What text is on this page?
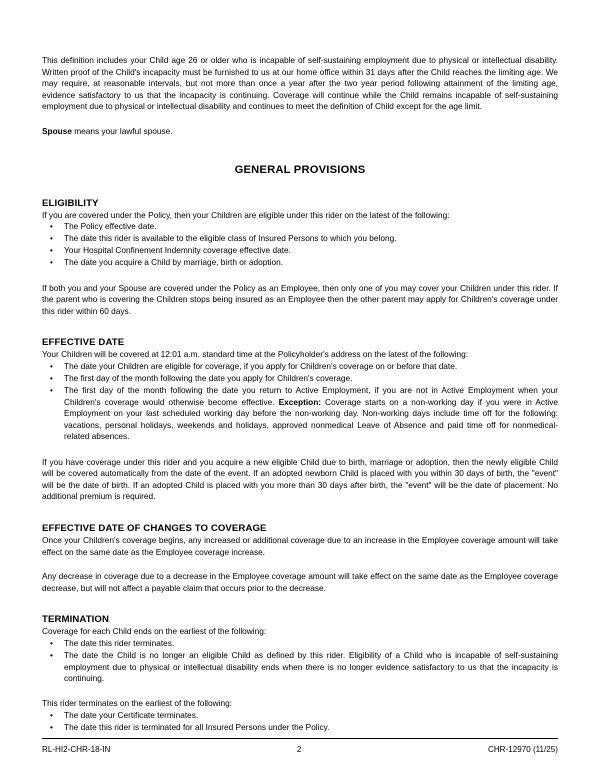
This definition includes your Child age 26 or older who is incapable of self-sustaining employment due to physical or intellectual disability. Written proof of the Child's incapacity must be furnished to us at our home office within 31 days after the Child reaches the limiting age. We may require, at reasonable intervals, but not more than once a year after the two year period following attainment of the limiting age, evidence satisfactory to us that the incapacity is continuing. Coverage will continue while the Child remains incapable of self-sustaining employment due to physical or intellectual disability and continues to meet the definition of Child except for the age limit.

Spouse means your lawful spouse.

GENERAL PROVISIONS
ELIGIBILITY

If you are covered under the Policy, then your Children are eligible under this rider on the latest of the following:

• The Policy effective date.
• The date this rider is available to the eligible class of Insured Persons to which you belong.
• Your Hospital Confinement Indemnity coverage effective date.
• The date you acquire a Child by marriage, birth or adoption.

If both you and your Spouse are covered under the Policy as an Employee, then only one of you may cover your Children under this rider. If the parent who is covering the Children stops being insured as an Employee then the other parent may apply for Children's coverage under this rider within 60 days.

EFFECTIVE DATE

Your Children will be covered at 12:01 a.m. standard time at the Policyholder's address on the latest of the following:

• The date your Children are eligible for coverage, if you apply for Children's coverage on or before that date.
• The first day of the month following the date you apply for Children's coverage.
• The first day of the month following the date you return to Active Employment, if you are not in Active Employment when your Children's coverage would otherwise become effective. Exception: Coverage starts on a non-working day if you were in Active Employment on your last scheduled working day before the non-working day. Non-working days include time off for the following: vacations, personal holidays, weekends and holidays, approved nonmedical Leave of Absence and paid time off for nonmedical-related absences.

If you have coverage under this rider and you acquire a new eligible Child due to birth, marriage or adoption, then the newly eligible Child will be covered automatically from the date of the event. If an adopted newborn Child is placed with you within 30 days of birth, the "event" will be the date of birth. If an adopted Child is placed with you more than 30 days after birth, the "event" will be the date of placement. No additional premium is required.

EFFECTIVE DATE OF CHANGES TO COVERAGE

Once your Children's coverage begins, any increased or additional coverage due to an increase in the Employee coverage amount will take effect on the same date as the Employee coverage increase.

Any decrease in coverage due to a decrease in the Employee coverage amount will take effect on the same date as the Employee coverage decrease, but will not affect a payable claim that occurs prior to the decrease.

TERMINATION

Coverage for each Child ends on the earliest of the following:

• The date this rider terminates.
• The date the Child is no longer an eligible Child as defined by this rider. Eligibility of a Child who is incapable of self-sustaining employment due to physical or intellectual disability ends when there is no longer evidence satisfactory to us that the incapacity is continuing.

This rider terminates on the earliest of the following:

• The date your Certificate terminates.
• The date this rider is terminated for all Insured Persons under the Policy.
RL-HI2-CHR-18-IN	2	CHR-12970 (11/25)
